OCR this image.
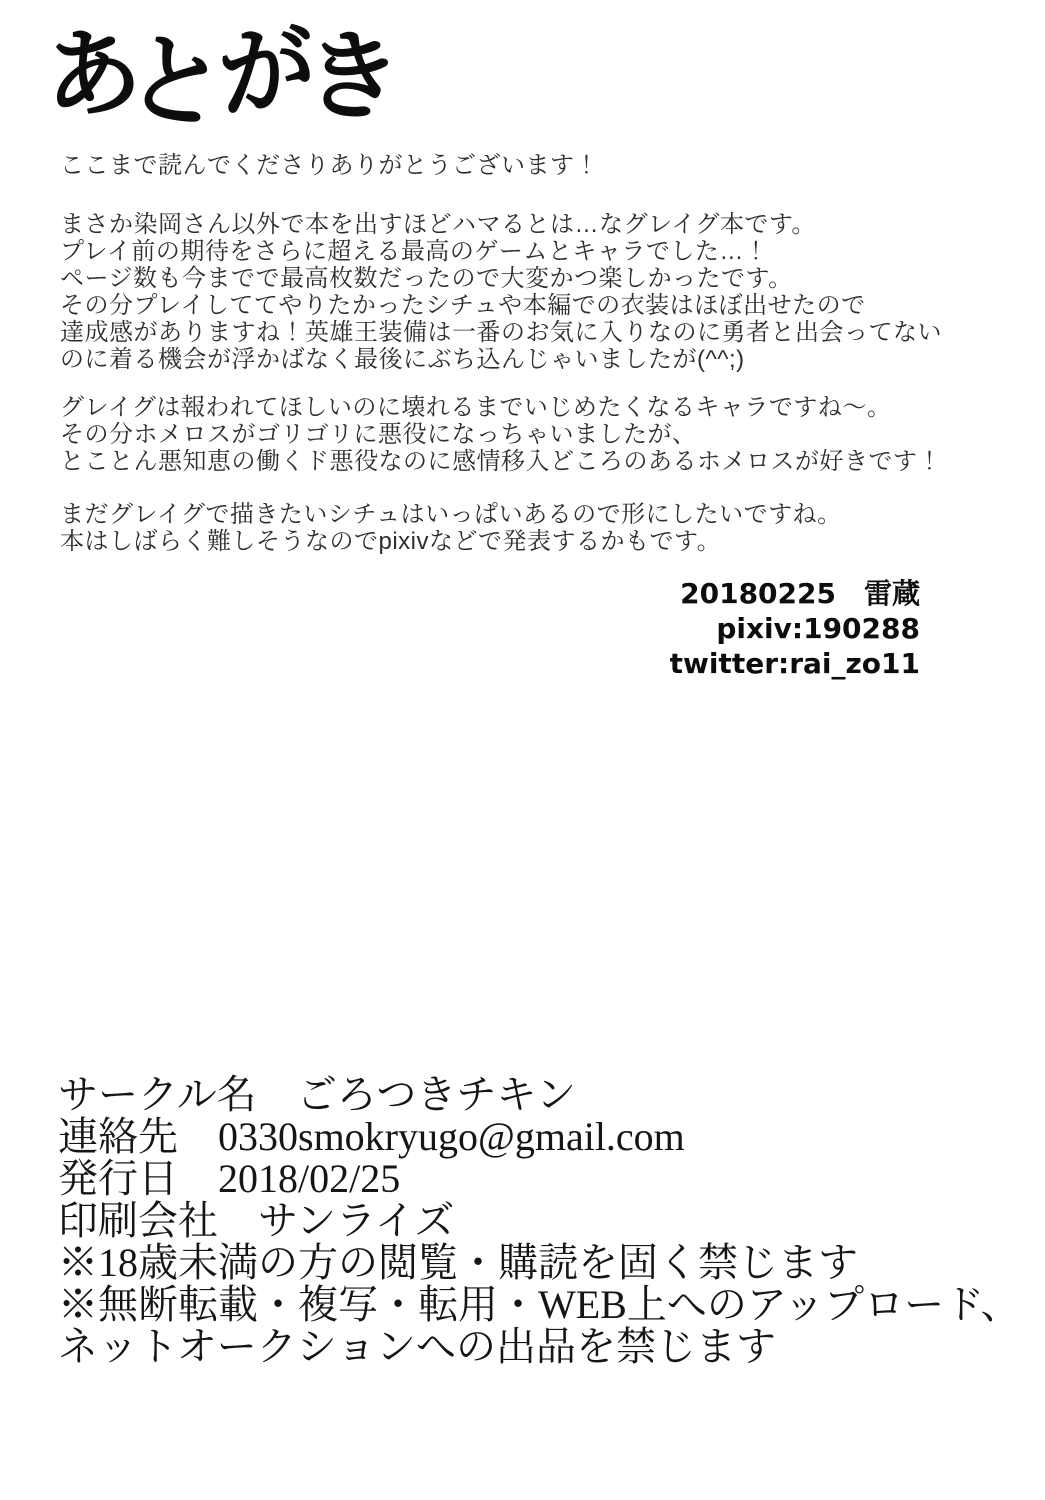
あとがき

ここまで読んでくださりありがとうございます！

まさか染岡さん以外で本を出すほどハマるとは…なグレイグ本です。
プレイ前の期待をさらに超える最高のゲームとキャラでした…！
ページ数も今までで最高枚数だったので大変かつ楽しかったです。
その分プレイしててやりたかったシチュや本編での衣装はほぼ出せたので
達成感がありますね！英雄王装備は一番のお気に入りなのに勇者と出会ってない
のに着る機会が浮かばなく最後にぶち込んじゃいましたが(^^;)

グレイグは報われてほしいのに壊れるまでいじめたくなるキャラですね〜。
その分ホメロスがゴリゴリに悪役になっちゃいましたが、
とことん悪知恵の働くド悪役なのに感情移入どころのあるホメロスが好きです！

まだグレイグで描きたいシチュはいっぱいあるので形にしたいですね。
本はしばらく難しそうなのでpixivなどで発表するかもです。

20180225　雷蔵
pixiv:190288
twitter:rai_zo11
サークル名　ごろつきチキン
連絡先　0330smokryugo@gmail.com
発行日　2018/02/25
印刷会社　サンライズ
※18歳未満の方の閲覧・購読を固く禁じます
※無断転載・複写・転用・WEB上へのアップロード、
ネットオークションへの出品を禁じます
